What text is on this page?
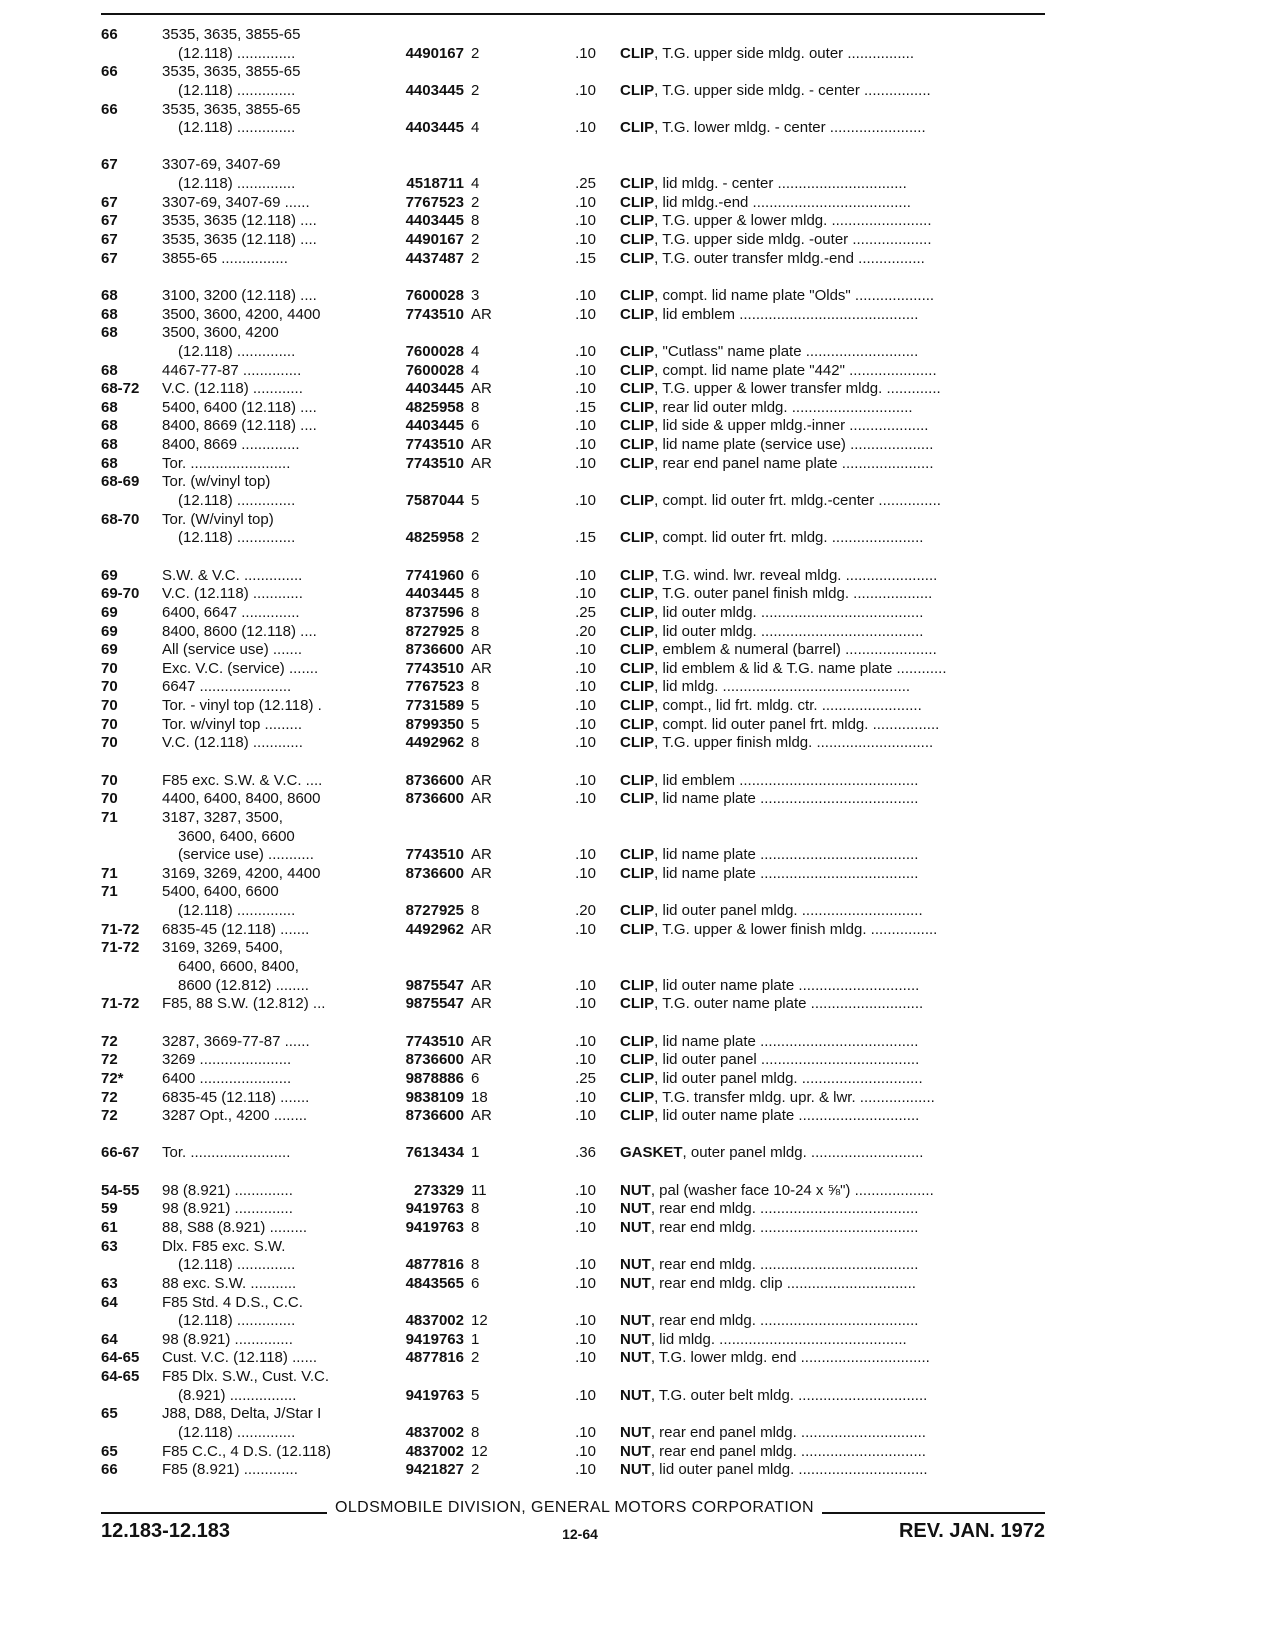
66	3535, 3635, 3855-65
(12.118) ..............	4490167 2	.10 CLIP, T.G. upper side mldg. outer ................
66	3535, 3635, 3855-65
(12.118) ..............	4403445 2	.10 CLIP, T.G. upper side mldg. - center ................
66	3535, 3635, 3855-65
(12.118) ..............	4403445 4	.10 CLIP, T.G. lower mldg. - center .......................
67	3307-69, 3407-69
(12.118) ..............	4518711 4	.25 CLIP, lid mldg. - center ...............................
67	3307-69, 3407-69 ......	7767523 2	.10 CLIP, lid mldg.-end ......................................
67	3535, 3635 (12.118) ....	4403445 8	.10 CLIP, T.G. upper & lower mldg. ........................
67	3535, 3635 (12.118) ....	4490167 2	.10 CLIP, T.G. upper side mldg. -outer ...................
67	3855-65 ................	4437487 2	.15 CLIP, T.G. outer transfer mldg.-end ................
68	3100, 3200 (12.118) ....	7600028 3	.10 CLIP, compt. lid name plate "Olds" ...................
68	3500, 3600, 4200, 4400	7743510 AR	.10 CLIP, lid emblem ...........................................
68	3500, 3600, 4200
(12.118) ..............	7600028 4	.10 CLIP, "Cutlass" name plate ...........................
68	4467-77-87 ..............	7600028 4	.10 CLIP, compt. lid name plate "442" .....................
68-72	V.C. (12.118) ............	4403445 AR	.10 CLIP, T.G. upper & lower transfer mldg. .............
68	5400, 6400 (12.118) ....	4825958 8	.15 CLIP, rear lid outer mldg. .............................
68	8400, 8669 (12.118) ....	4403445 6	.10 CLIP, lid side & upper mldg.-inner ...................
68	8400, 8669 ..............	7743510 AR	.10 CLIP, lid name plate (service use) ....................
68	Tor. ........................	7743510 AR	.10 CLIP, rear end panel name plate ......................
68-69	Tor. (w/vinyl top)
(12.118) ..............	7587044 5	.10 CLIP, compt. lid outer frt. mldg.-center ...............
68-70	Tor. (W/vinyl top)
(12.118) ..............	4825958 2	.15 CLIP, compt. lid outer frt. mldg. ......................
69	S.W. & V.C. ..............	7741960 6	.10 CLIP, T.G. wind. lwr. reveal mldg. ......................
69-70	V.C. (12.118) ............	4403445 8	.10 CLIP, T.G. outer panel finish mldg. ...................
69	6400, 6647 ..............	8737596 8	.25 CLIP, lid outer mldg. .......................................
69	8400, 8600 (12.118) ....	8727925 8	.20 CLIP, lid outer mldg. .......................................
69	All (service use) .......	8736600 AR	.10 CLIP, emblem & numeral (barrel) ......................
70	Exc. V.C. (service) .......	7743510 AR	.10 CLIP, lid emblem & lid & T.G. name plate ............
70	6647 ......................	7767523 8	.10 CLIP, lid mldg. .............................................
70	Tor. - vinyl top (12.118) .	7731589 5	.10 CLIP, compt., lid frt. mldg. ctr. ........................
70	Tor. w/vinyl top .........	8799350 5	.10 CLIP, compt. lid outer panel frt. mldg. ................
70	V.C. (12.118) ............	4492962 8	.10 CLIP, T.G. upper finish mldg. ............................
70	F85 exc. S.W. & V.C. ....	8736600 AR	.10 CLIP, lid emblem ...........................................
70	4400, 6400, 8400, 8600	8736600 AR	.10 CLIP, lid name plate ......................................
71	3187, 3287, 3500,
3600, 6400, 6600
(service use) ...........	7743510 AR	.10 CLIP, lid name plate ......................................
71	3169, 3269, 4200, 4400	8736600 AR	.10 CLIP, lid name plate ......................................
71	5400, 6400, 6600
(12.118) ..............	8727925 8	.20 CLIP, lid outer panel mldg. .............................
71-72	6835-45 (12.118) .......	4492962 AR	.10 CLIP, T.G. upper & lower finish mldg. ................
71-72	3169, 3269, 5400,
6400, 6600, 8400,
8600 (12.812) ........	9875547 AR	.10 CLIP, lid outer name plate .............................
71-72	F85, 88 S.W. (12.812) ...	9875547 AR	.10 CLIP, T.G. outer name plate ...........................
72	3287, 3669-77-87 ......	7743510 AR	.10 CLIP, lid name plate ......................................
72	3269 ......................	8736600 AR	.10 CLIP, lid outer panel ......................................
72*	6400 ......................	9878886 6	.25 CLIP, lid outer panel mldg. .............................
72	6835-45 (12.118) .......	9838109 18	.10 CLIP, T.G. transfer mldg. upr. & lwr. ..................
72	3287 Opt., 4200 ........	8736600 AR	.10 CLIP, lid outer name plate .............................
66-67	Tor. ........................	7613434 1	.36 GASKET, outer panel mldg. ...........................
54-55	98 (8.921) ..............	273329 11	.10 NUT, pal (washer face 10-24 x ⅝") ...................
59	98 (8.921) ..............	9419763 8	.10 NUT, rear end mldg. ......................................
61	88, S88 (8.921) .........	9419763 8	.10 NUT, rear end mldg. ......................................
63	Dlx. F85 exc. S.W.
(12.118) ..............	4877816 8	.10 NUT, rear end mldg. ......................................
63	88 exc. S.W. ...........	4843565 6	.10 NUT, rear end mldg. clip ...............................
64	F85 Std. 4 D.S., C.C.
(12.118) ..............	4837002 12	.10 NUT, rear end mldg. ......................................
64	98 (8.921) ..............	9419763 1	.10 NUT, lid mldg. .............................................
64-65	Cust. V.C. (12.118) ......	4877816 2	.10 NUT, T.G. lower mldg. end ...............................
64-65	F85 Dlx. S.W., Cust. V.C.
(8.921) ................	9419763 5	.10 NUT, T.G. outer belt mldg. ...............................
65	J88, D88, Delta, J/Star I
(12.118) ..............	4837002 8	.10 NUT, rear end panel mldg. ..............................
65	F85 C.C., 4 D.S. (12.118)	4837002 12	.10 NUT, rear end panel mldg. ..............................
66	F85 (8.921) .............	9421827 2	.10 NUT, lid outer panel mldg. ...............................
OLDSMOBILE DIVISION, GENERAL MOTORS CORPORATION
12.183-12.183	12-64	REV. JAN. 1972
